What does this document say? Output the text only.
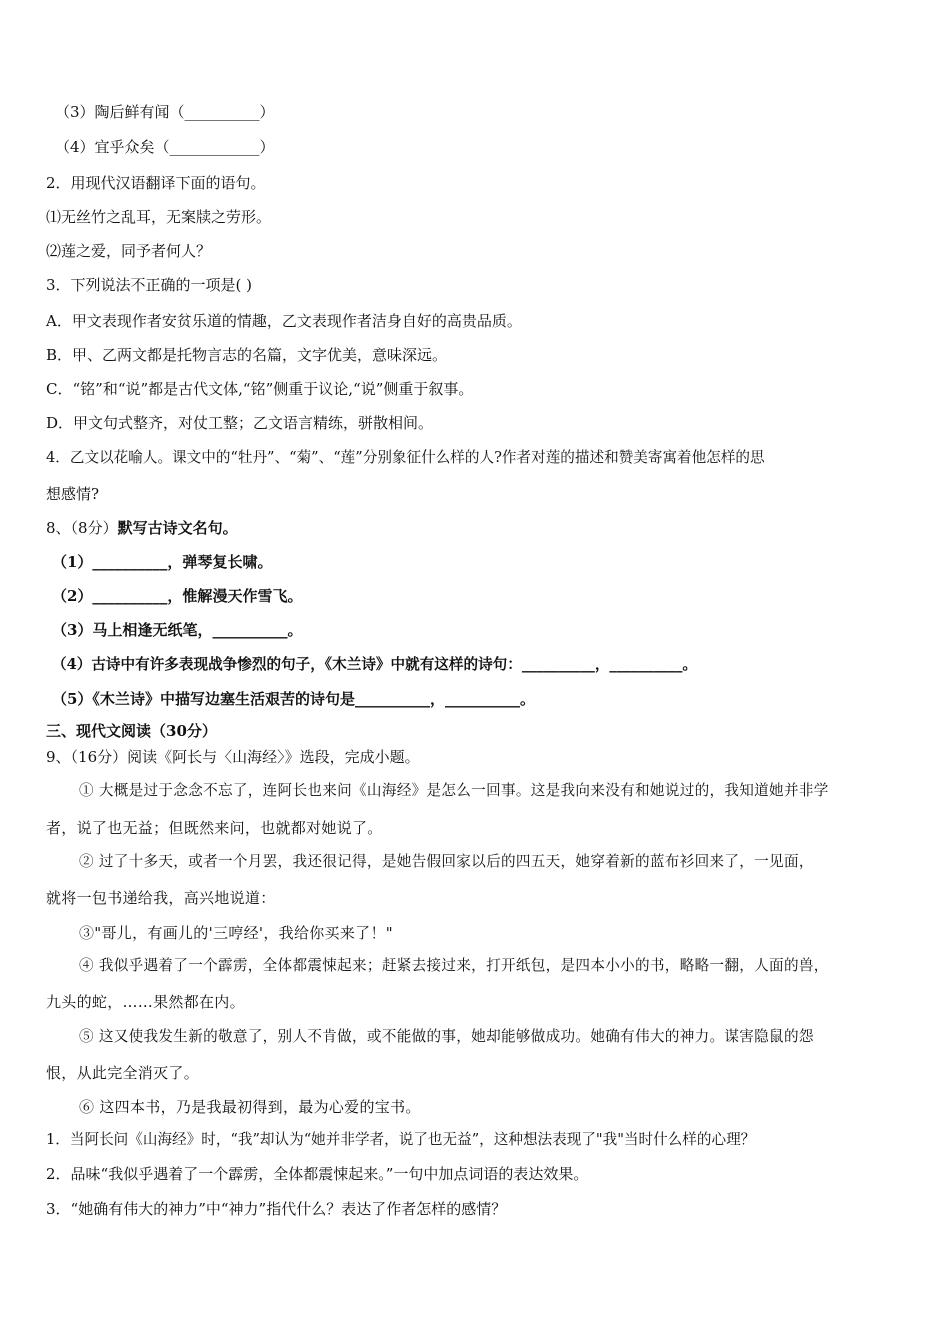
（3）陶后鲜有闻（__________）
（4）宜乎众矣（____________）
2．用现代汉语翻译下面的语句。
⑴无丝竹之乱耳，无案牍之劳形。
⑵莲之爱，同予者何人？
3．下列说法不正确的一项是( )
A．甲文表现作者安贫乐道的情趣，乙文表现作者洁身自好的高贵品质。
B．甲、乙两文都是托物言志的名篇，文字优美，意味深远。
C．“铭”和“说”都是古代文体,“铭”侧重于议论,“说”侧重于叙事。
D．甲文句式整齐，对仗工整；乙文语言精练，骈散相间。
4．乙文以花喻人。课文中的“牡丹”、“菊”、“莲”分别象征什么样的人?作者对莲的描述和赞美寄寓着他怎样的思
想感情?
8、（8分）默写古诗文名句。
（1）__________，弹琴复长啸。
（2）__________，惟解漫天作雪飞。
（3）马上相逢无纸笔，__________。
（4）古诗中有许多表现战争惨烈的句子，《木兰诗》中就有这样的诗句：__________，__________。
（5）《木兰诗》中描写边塞生活艰苦的诗句是__________，__________。
三、现代文阅读（30分）
9、（16分）阅读《阿长与〈山海经〉》选段，完成小题。
① 大概是过于念念不忘了，连阿长也来问《山海经》是怎么一回事。这是我向来没有和她说过的，我知道她并非学
者，说了也无益；但既然来问，也就都对她说了。
② 过了十多天，或者一个月罢，我还很记得，是她告假回家以后的四五天，她穿着新的蓝布衫回来了，一见面，
就将一包书递给我，高兴地说道：
③"哥儿，有画儿的'三哼经'，我给你买来了！"
④ 我似乎遇着了一个霹雳，全体都震悚起来；赶紧去接过来，打开纸包，是四本小小的书，略略一翻，人面的兽，
九头的蛇，……果然都在内。
⑤ 这又使我发生新的敬意了，别人不肯做，或不能做的事，她却能够做成功。她确有伟大的神力。谋害隐鼠的怨
恨，从此完全消灭了。
⑥ 这四本书，乃是我最初得到，最为心爱的宝书。
1．当阿长问《山海经》时，“我”却认为“她并非学者，说了也无益”，这种想法表现了"我"当时什么样的心理？
2．品味“我似乎遇着了一个霹雳，全体都震悚起来。”一句中加点词语的表达效果。
3．“她确有伟大的神力”中“神力”指代什么？表达了作者怎样的感情？
